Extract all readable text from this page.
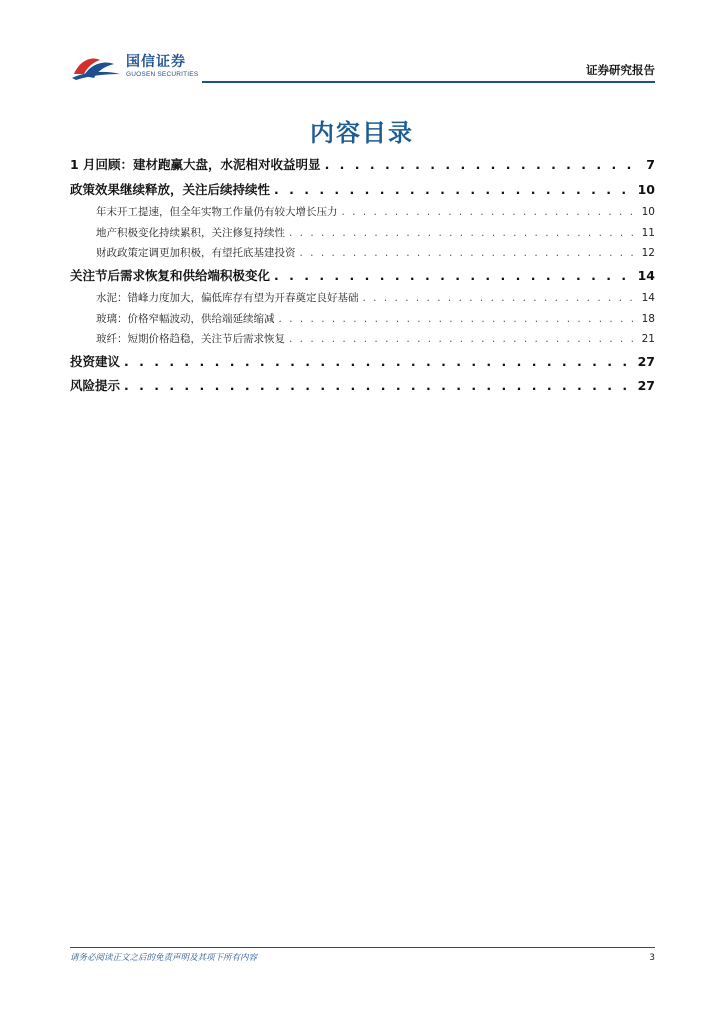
国信证券
GUOSEN SECURITIES	证券研究报告
内容目录
1 月回顾：建材跑赢大盘，水泥相对收益明显 . . .	7
政策效果继续释放，关注后续持续性 . . .	10
年末开工提速，但全年实物工作量仍有较大增长压力 . . .	10
地产积极变化持续累积，关注修复持续性 . . .	11
财政政策定调更加积极，有望托底基建投资 . . .	12
关注节后需求恢复和供给端积极变化 . . .	14
水泥：错峰力度加大，偏低库存有望为开春奠定良好基础 . . .	14
玻璃：价格窄幅波动，供给端延续缩减 . . .	18
玻纤：短期价格趋稳，关注节后需求恢复 . . .	21
投资建议 . . .	27
风险提示 . . .	27
请务必阅读正文之后的免责声明及其项下所有内容	3
